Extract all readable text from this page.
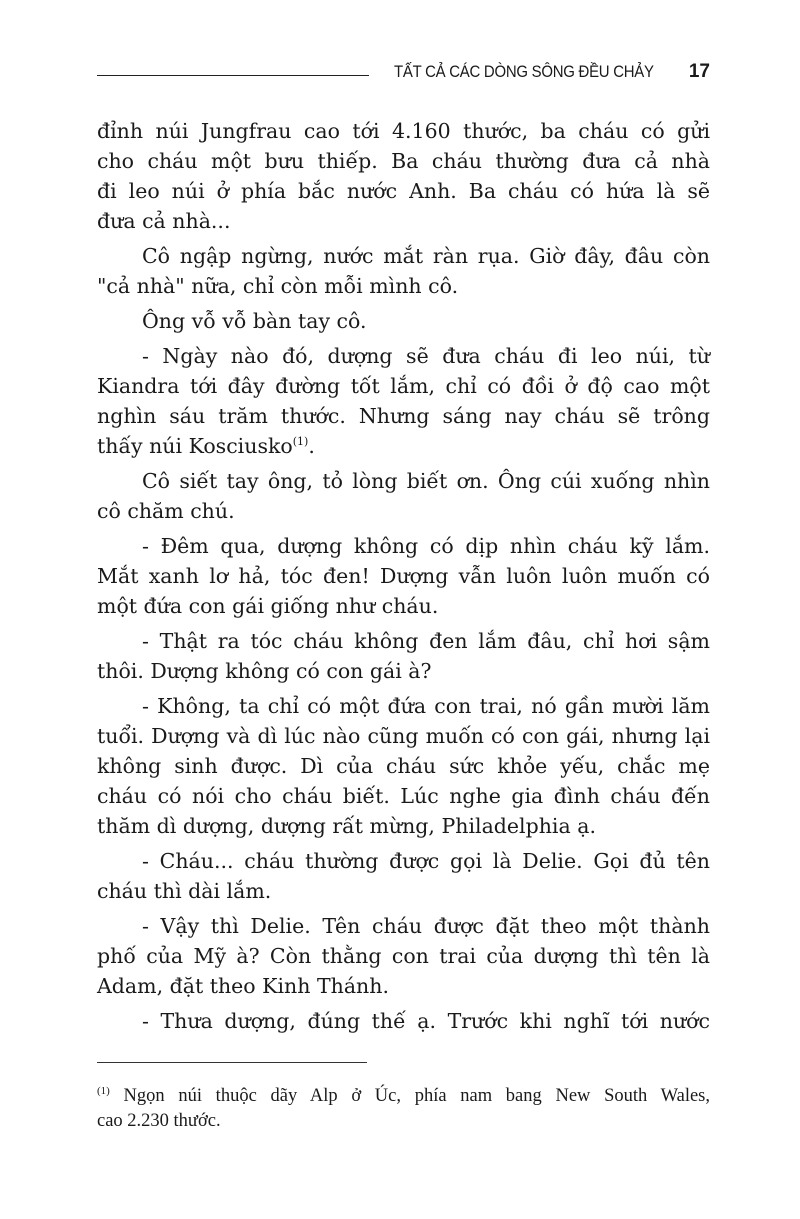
TẤT CẢ CÁC DÒNG SÔNG ĐỀU CHẢY 17
đỉnh núi Jungfrau cao tới 4.160 thước, ba cháu có gửi
cho cháu một bưu thiếp. Ba cháu thường đưa cả nhà
đi leo núi ở phía bắc nước Anh. Ba cháu có hứa là sẽ
đưa cả nhà...
Cô ngập ngừng, nước mắt ràn rụa. Giờ đây, đâu còn
"cả nhà" nữa, chỉ còn mỗi mình cô.
Ông vỗ vỗ bàn tay cô.
- Ngày nào đó, dượng sẽ đưa cháu đi leo núi, từ
Kiandra tới đây đường tốt lắm, chỉ có đồi ở độ cao một
nghìn sáu trăm thước. Nhưng sáng nay cháu sẽ trông
thấy núi Kosciusko$^{(1)}$.
Cô siết tay ông, tỏ lòng biết ơn. Ông cúi xuống nhìn
cô chăm chú.
- Đêm qua, dượng không có dịp nhìn cháu kỹ lắm.
Mắt xanh lơ hả, tóc đen! Dượng vẫn luôn luôn muốn có
một đứa con gái giống như cháu.
- Thật ra tóc cháu không đen lắm đâu, chỉ hơi sậm
thôi. Dượng không có con gái à?
- Không, ta chỉ có một đứa con trai, nó gần mười lăm
tuổi. Dượng và dì lúc nào cũng muốn có con gái, nhưng lại
không sinh được. Dì của cháu sức khỏe yếu, chắc mẹ
cháu có nói cho cháu biết. Lúc nghe gia đình cháu đến
thăm dì dượng, dượng rất mừng, Philadelphia ạ.
- Cháu... cháu thường được gọi là Delie. Gọi đủ tên
cháu thì dài lắm.
- Vậy thì Delie. Tên cháu được đặt theo một thành
phố của Mỹ à? Còn thằng con trai của dượng thì tên là
Adam, đặt theo Kinh Thánh.
- Thưa dượng, đúng thế ạ. Trước khi nghĩ tới nước
$^{(1)}$ Ngọn núi thuộc dãy Alp ở Úc, phía nam bang New South Wales,
cao 2.230 thước.
